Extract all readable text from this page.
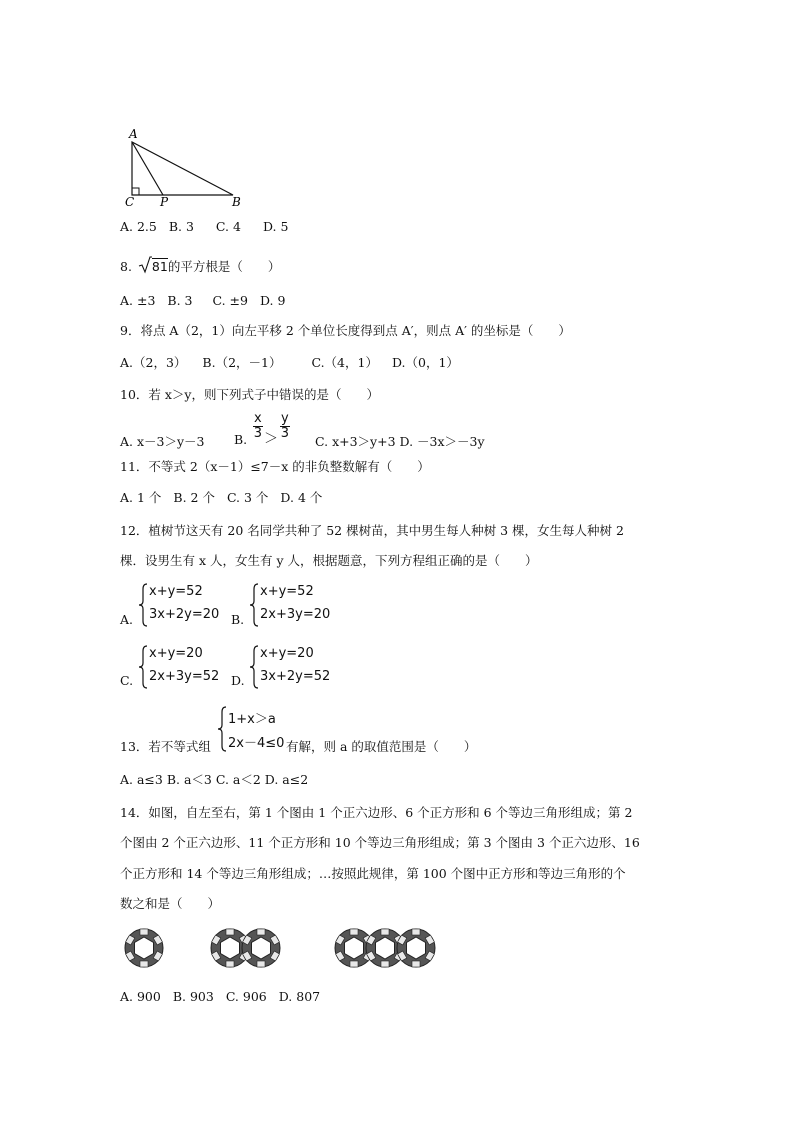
A
C P	B
A. 2.5 B. 3 C. 4 D. 5
8. 81的平方根是（　　）
A. ±3 B. 3 C. ±9 D. 9
9．将点 A（2，1）向左平移 2 个单位长度得到点 A′，则点 A′ 的坐标是（　　）
A.（2，3） B.（2，－1） C.（4，1） D.（0，1）
10．若 x＞y，则下列式子中错误的是（　　）
A. x－3＞y－3 B. $\frac{x}{3} > \frac{y}{3}$
C. x+3＞y+3 D. －3x＞－3y
11．不等式 2（x－1）≤7－x 的非负整数解有（　　）
A. 1 个 B. 2 个 C. 3 个 D. 4 个
12．植树节这天有 20 名同学共种了 52 棵树苗，其中男生每人种树 3 棵，女生每人种树 2
棵．设男生有 x 人，女生有 y 人，根据题意，下列方程组正确的是（　　）
A.
x+y=52
3x+2y=20 B.
x+y=52
2x+3y=20
C.
x+y=20
2x+3y=52 D.
x+y=20
3x+2y=52
13．若不等式组
1+x＞a
2x－4≤0 有解，则 a 的取值范围是（　　）
A. a≤3 B. a＜3 C. a＜2 D. a≤2
14．如图，自左至右，第 1 个图由 1 个正六边形、6 个正方形和 6 个等边三角形组成；第 2
个图由 2 个正六边形、11 个正方形和 10 个等边三角形组成；第 3 个图由 3 个正六边形、16
个正方形和 14 个等边三角形组成；…按照此规律，第 100 个图中正方形和等边三角形的个
数之和是（　　）
A. 900 B. 903 C. 906 D. 807
